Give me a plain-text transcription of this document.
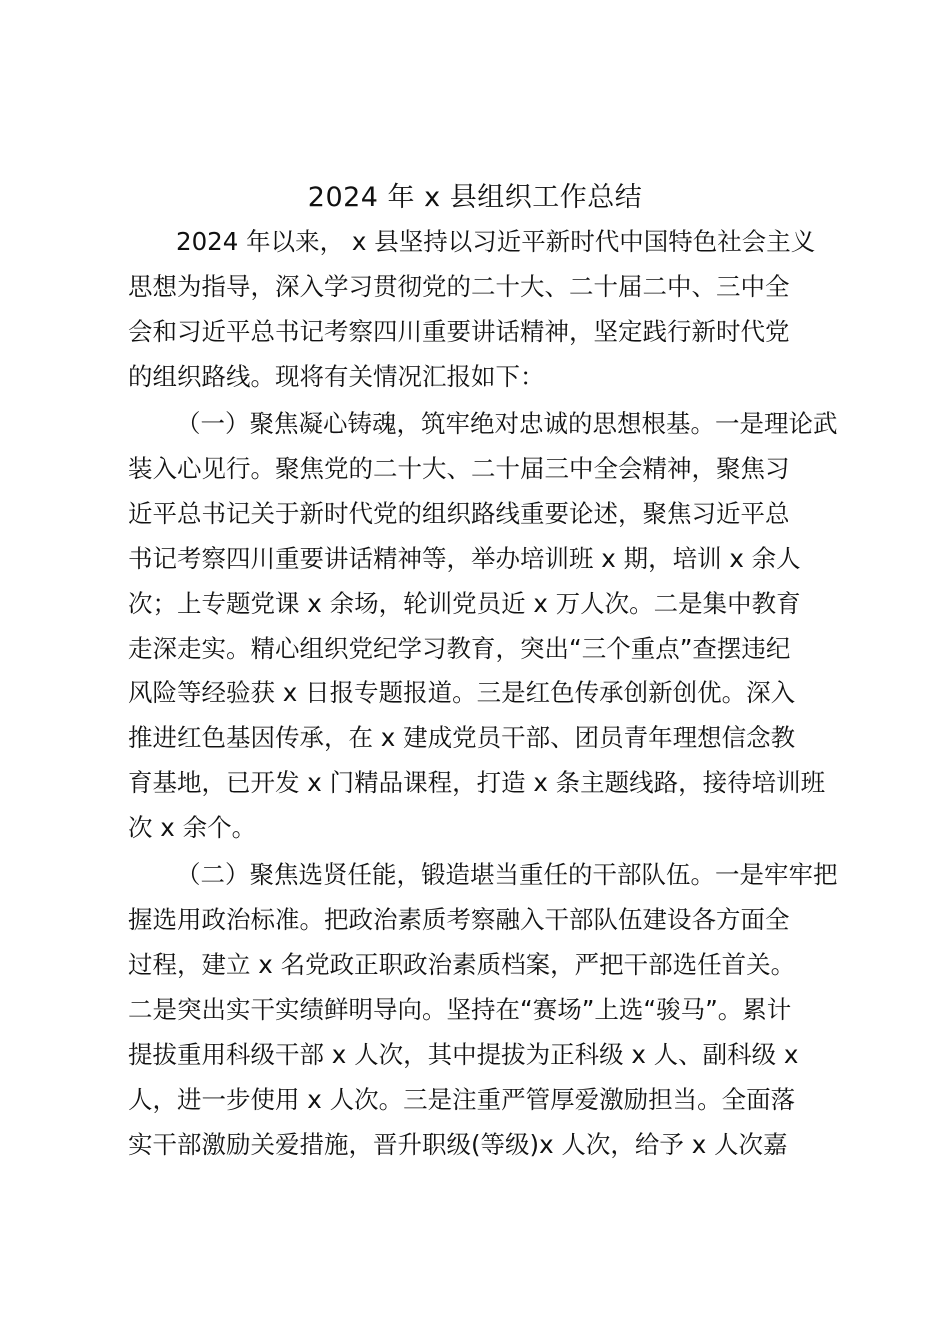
2024 年 x 县组织工作总结
2024 年以来， x 县坚持以习近平新时代中国特色社会主义
思想为指导，深入学习贯彻党的二十大、二十届二中、三中全
会和习近平总书记考察四川重要讲话精神，坚定践行新时代党
的组织路线。现将有关情况汇报如下：
（一）聚焦凝心铸魂，筑牢绝对忠诚的思想根基。一是理论武
装入心见行。聚焦党的二十大、二十届三中全会精神，聚焦习
近平总书记关于新时代党的组织路线重要论述，聚焦习近平总
书记考察四川重要讲话精神等，举办培训班 x 期，培训 x 余人
次；上专题党课 x 余场，轮训党员近 x 万人次。二是集中教育
走深走实。精心组织党纪学习教育，突出“三个重点”查摆违纪
风险等经验获 x 日报专题报道。三是红色传承创新创优。深入
推进红色基因传承，在 x 建成党员干部、团员青年理想信念教
育基地，已开发 x 门精品课程，打造 x 条主题线路，接待培训班
次 x 余个。
（二）聚焦选贤任能，锻造堪当重任的干部队伍。一是牢牢把
握选用政治标准。把政治素质考察融入干部队伍建设各方面全
过程，建立 x 名党政正职政治素质档案，严把干部选任首关。
二是突出实干实绩鲜明导向。坚持在“赛场”上选“骏马”。累计
提拔重用科级干部 x 人次，其中提拔为正科级 x 人、副科级 x
人，进一步使用 x 人次。三是注重严管厚爱激励担当。全面落
实干部激励关爱措施，晋升职级(等级)x 人次，给予 x 人次嘉
